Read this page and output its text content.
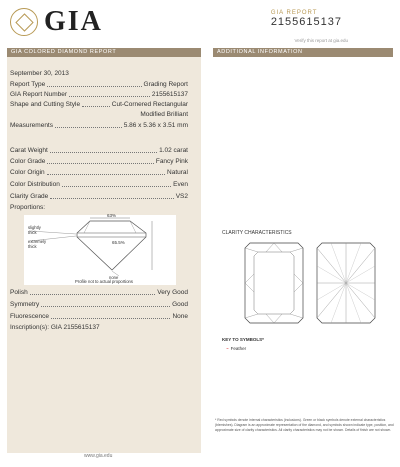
GIA	GIA REPORT
2155615137
Verify this report at gia.edu
GIA COLORED DIAMOND REPORT
September 30, 2013
Report Type	Grading Report
GIA Report Number	2155615137
Shape and Cutting Style	Cut-Cornered Rectangular
Modified Brilliant
Measurements	5.86 x 5.36 x 3.51 mm
Carat Weight	1.02 carat
Color Grade	Fancy Pink
Color Origin	Natural
Color Distribution	Even
Clarity Grade	VS2
Proportions:
63%
65.5%
slightly
thick
extremely
thick
none
Profile not to actual proportions
Polish	Very Good
Symmetry	Good
Fluorescence	None
Inscription(s): GIA 2155615137
www.gia.edu
ADDITIONAL INFORMATION
CLARITY CHARACTERISTICS
KEY TO SYMBOLS*
~ Feather
* Red symbols denote internal characteristics (inclusions). Green or black symbols denote external characteristics (blemishes). Diagram is an approximate representation of the diamond, and symbols shown indicate type, position, and approximate size of clarity characteristics. All clarity characteristics may not be shown. Details of finish are not shown.
